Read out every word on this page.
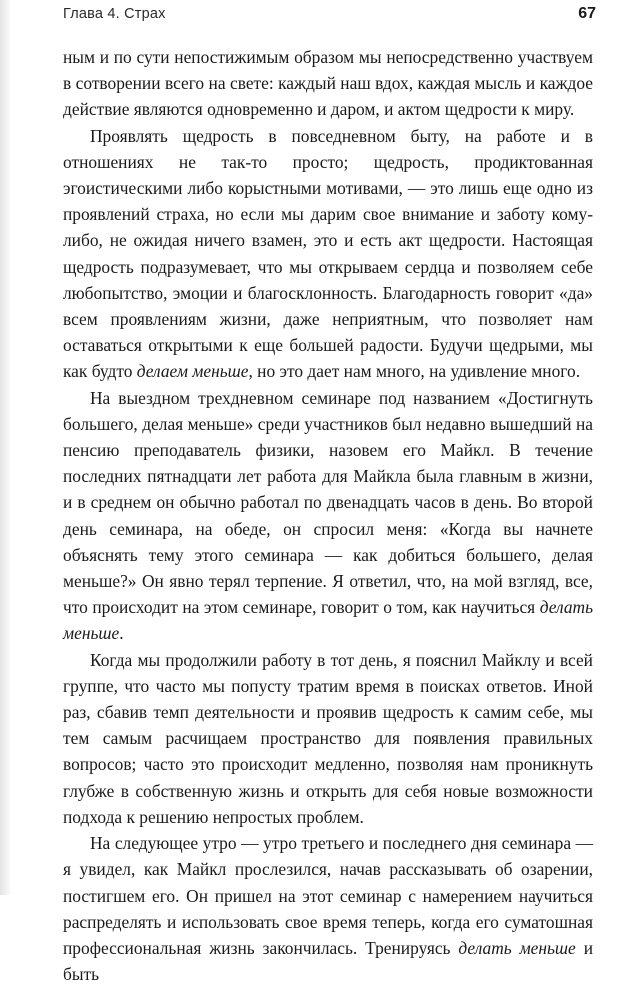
Глава 4. Страх	67

ным и по сути непостижимым образом мы непосредственно участвуем в сотворении всего на свете: каждый наш вдох, каждая мысль и каждое действие являются одновременно и даром, и актом щедрости к миру.

Проявлять щедрость в повседневном быту, на работе и в отношениях не так-то просто; щедрость, продиктованная эгоистическими либо корыстными мотивами, — это лишь еще одно из проявлений страха, но если мы дарим свое внимание и заботу кому-либо, не ожидая ничего взамен, это и есть акт щедрости. Настоящая щедрость подразумевает, что мы открываем сердца и позволяем себе любопытство, эмоции и благосклонность. Благодарность говорит «да» всем проявлениям жизни, даже неприятным, что позволяет нам оставаться открытыми к еще большей радости. Будучи щедрыми, мы как будто делаем меньше, но это дает нам много, на удивление много.

На выездном трехдневном семинаре под названием «Достигнуть большего, делая меньше» среди участников был недавно вышедший на пенсию преподаватель физики, назовем его Майкл. В течение последних пятнадцати лет работа для Майкла была главным в жизни, и в среднем он обычно работал по двенадцать часов в день. Во второй день семинара, на обеде, он спросил меня: «Когда вы начнете объяснять тему этого семинара — как добиться большего, делая меньше?» Он явно терял терпение. Я ответил, что, на мой взгляд, все, что происходит на этом семинаре, говорит о том, как научиться делать меньше.

Когда мы продолжили работу в тот день, я пояснил Майклу и всей группе, что часто мы попусту тратим время в поисках ответов. Иной раз, сбавив темп деятельности и проявив щедрость к самим себе, мы тем самым расчищаем пространство для появления правильных вопросов; часто это происходит медленно, позволяя нам проникнуть глубже в собственную жизнь и открыть для себя новые возможности подхода к решению непростых проблем.

На следующее утро — утро третьего и последнего дня семинара — я увидел, как Майкл прослезился, начав рассказывать об озарении, постигшем его. Он пришел на этот семинар с намерением научиться распределять и использовать свое время теперь, когда его суматошная профессиональная жизнь закончилась. Тренируясь делать меньше и быть
